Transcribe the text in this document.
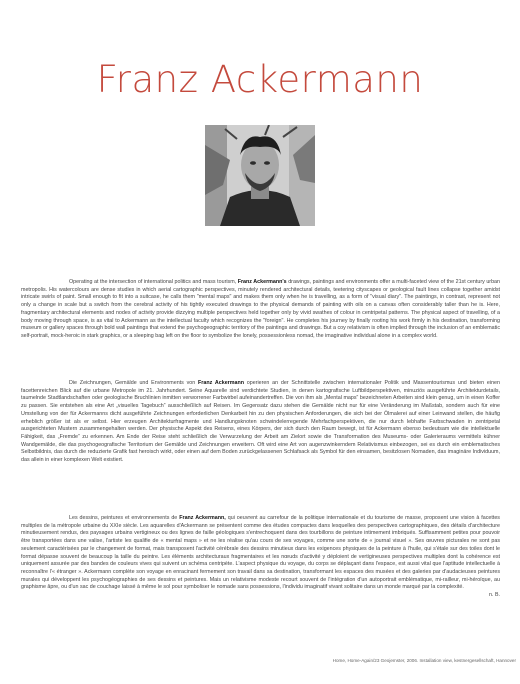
Franz Ackermann

Operating at the intersection of international politics and mass tourism, Franz Ackermann's drawings, paintings and environments offer a multi-faceted view of the 21st century urban metropolis. His watercolours are dense studies in which aerial cartographic perspectives, minutely rendered architectural details, teetering cityscapes or geological fault lines collapse together amidst intricate swirls of paint. Small enough to fit into a suitcase, he calls them "mental maps" and makes them only when he is travelling, as a form of "visual diary". The paintings, in contrast, represent not only a change in scale but a switch from the cerebral activity of his tightly executed drawings to the physical demands of painting with oils on a canvas often considerably taller than he is. Here, fragmentary architectural elements and nodes of activity provide dizzying multiple perspectives held together only by vivid swathes of colour in centripetal patterns. The physical aspect of travelling, of a body moving through space, is as vital to Ackermann as the intellectual faculty which recognizes the "foreign". He completes his journey by finally rooting his work firmly in his destination, transforming museum or gallery spaces through bold wall paintings that extend the psychogeographic territory of the paintings and drawings. But a coy relativism is often implied through the inclusion of an emblematic self-portrait, mock-heroic in stark graphics, or a sleeping bag left on the floor to symbolize the lonely, possessionless nomad, the imaginative individual alone in a complex world.

Die Zeichnungen, Gemälde und Environments von Franz Ackermann operieren an der Schnittstelle zwischen internationaler Politik und Massentourismus und bieten einen facettenreichen Blick auf die urbane Metropole im 21. Jahrhundert. Seine Aquarelle sind verdichtete Studien, in denen kartografische Luftbildperspektiven, minuziös ausgeführte Architekturdetails, taumelnde Stadtlandschaften oder geologische Bruchlinien inmitten verworrener Farbwirbel aufeinandertreffen. Die von ihm als „Mental maps“ bezeichneten Arbeiten sind klein genug, um in einen Koffer zu passen. Sie entstehen als eine Art „visuelles Tagebuch“ ausschließlich auf Reisen. Im Gegensatz dazu stehen die Gemälde nicht nur für eine Veränderung im Maßstab, sondern auch für eine Umstellung von der für Ackermanns dicht ausgeführte Zeichnungen erforderlichen Denkarbeit hin zu den physischen Anforderungen, die sich bei der Ölmalerei auf einer Leinwand stellen, die häufig erheblich größer ist als er selbst. Hier erzeugen Architekturfragmente und Handlungsknoten schwindelerregende Mehrfachperspektiven, die nur durch lebhafte Farbschwaden in zentripetal ausgerichteten Mustern zusammengehalten werden. Der physische Aspekt des Reisens, eines Körpers, der sich durch den Raum bewegt, ist für Ackermann ebenso bedeutsam wie die intellektuelle Fähigkeit, das „Fremde“ zu erkennen. Am Ende der Reise steht schließlich die Verwurzelung der Arbeit am Zielort sowie die Transformation des Museums- oder Galerieraums vermittels kühner Wandgemälde, die das psychogeografische Territorium der Gemälde und Zeichnungen erweitern. Oft wird eine Art von augenzwinkerndem Relativismus einbezogen, sei es durch ein emblematisches Selbstbildnis, das durch die reduzierte Grafik fast heroisch wirkt, oder einen auf dem Boden zurückgelassenen Schlafsack als Symbol für den einsamen, besitzlosen Nomaden, das imaginäre Individuum, das allein in einer komplexen Welt existiert.

Les dessins, peintures et environnements de Franz Ackermann, qui oeuvrent au carrefour de la politique internationale et du tourisme de masse, proposent une vision à facettes multiples de la métropole urbaine du XXIe siècle. Les aquarelles d'Ackermann se présentent comme des études compactes dans lesquelles des perspectives cartographiques, des détails d'architecture minutieusement rendus, des paysages urbains vertigineux ou des lignes de faille géologiques s'entrechoquent dans des tourbillons de peinture intimement imbriqués. Suffisamment petites pour pouvoir être transportées dans une valise, l'artiste les qualifie de « mental maps » et ne les réalise qu'au cours de ses voyages, comme une sorte de « journal visuel ». Ses œuvres picturales ne sont pas seulement caractérisées par le changement de format, mais transposent l'activité cérébrale des dessins minutieux dans les exigences physiques de la peinture à l'huile, qui s'étale sur des toiles dont le format dépasse souvent de beaucoup la taille du peintre. Les éléments architecturaux fragmentaires et les nœuds d'activité y déploient de vertigineuses perspectives multiples dont la cohérence est uniquement assurée par des bandes de couleurs vives qui suivent un schéma centripète. L'aspect physique du voyage, du corps se déplaçant dans l'espace, est aussi vital que l'aptitude intellectuelle à reconnaître l'« étranger ». Ackermann complète son voyage en enracinant fermement son travail dans sa destination, transformant les espaces des musées et des galeries par d'audacieuses peintures murales qui développent les psychogéographies de ses dessins et peintures. Mais un relativisme modeste recourt souvent de l'intégration d'un autoportrait emblématique, mi-railleur, mi-héroïque, au graphisme âpre, ou d'un sac de couchage laissé à même le sol pour symboliser le nomade sans possessions, l'individu imaginatif vivant solitaire dans un monde marqué par la complexité.
n. B.

Home, Home-Again/23 Geojemster, 2006. Installation view, kestnergesellschaft, Hannover
